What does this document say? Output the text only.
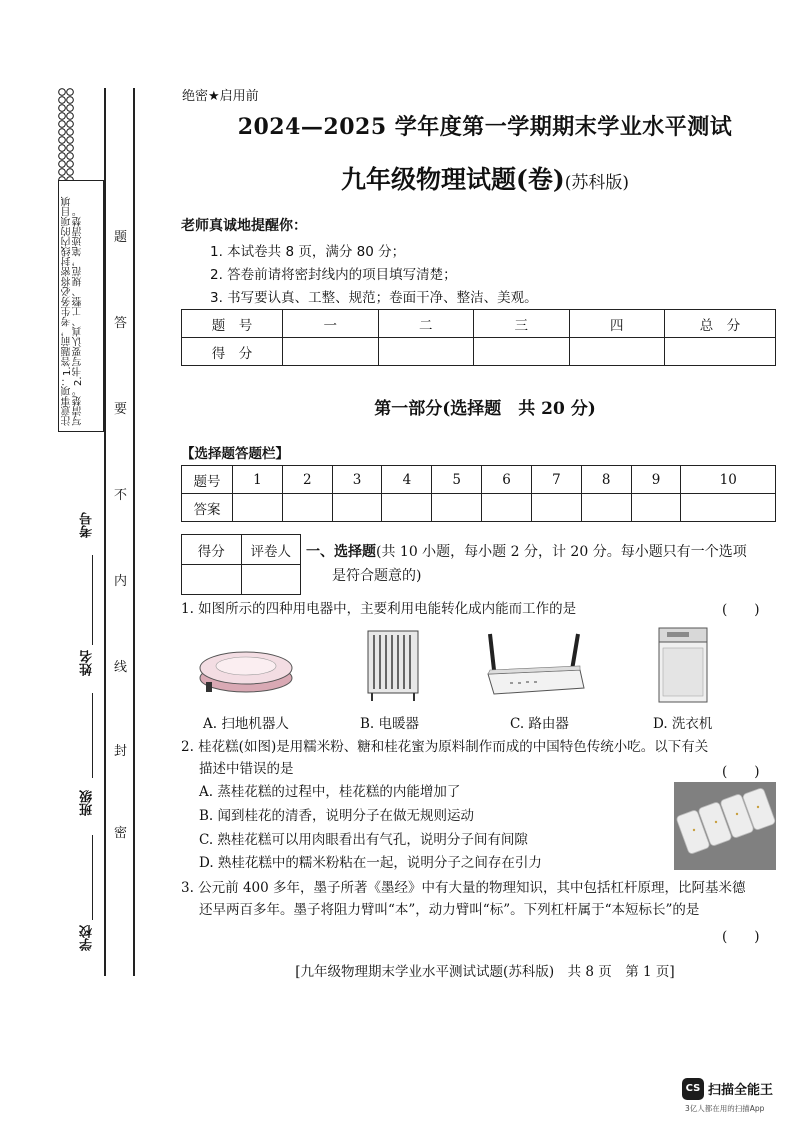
注意事项：1.答题前，考生务必将密封线内的项目填写清楚。2.书写要认真、工整、规范，笔迹清楚。	题
答
要
不
内
线
封
密
考号
姓名
班级
学校
绝密★启用前
2024—2025 学年度第一学期期末学业水平测试
九年级物理试题(卷)(苏科版)
老师真诚地提醒你：
1. 本试卷共 8 页，满分 80 分；
2. 答卷前请将密封线内的项目填写清楚；
3. 书写要认真、工整、规范；卷面干净、整洁、美观。
题　号	一	二	三	四	总　分
得　分					
第一部分(选择题　共 20 分)
【选择题答题栏】
题号	1	2	3	4	5	6	7	8	9	10
答案										
得分	评卷人
	一、选择题(共 10 小题，每小题 2 分，计 20 分。每小题只有一个选项
是符合题意的)
1. 如图所示的四种用电器中，主要利用电能转化成内能而工作的是	(　　)
A. 扫地机器人	B. 电暖器	C. 路由器	D. 洗衣机
2. 桂花糕(如图)是用糯米粉、糖和桂花蜜为原料制作而成的中国特色传统小吃。以下有关
描述中错误的是	(　　)
A. 蒸桂花糕的过程中，桂花糕的内能增加了
B. 闻到桂花的清香，说明分子在做无规则运动
C. 熟桂花糕可以用肉眼看出有气孔，说明分子间有间隙
D. 熟桂花糕中的糯米粉粘在一起，说明分子之间存在引力
3. 公元前 400 多年，墨子所著《墨经》中有大量的物理知识，其中包括杠杆原理，比阿基米德
还早两百多年。墨子将阻力臂叫“本”，动力臂叫“标”。下列杠杆属于“本短标长”的是
(　　)
[九年级物理期末学业水平测试试题(苏科版)　共 8 页　第 1 页]
CS 扫描全能王
3亿人都在用的扫描App
